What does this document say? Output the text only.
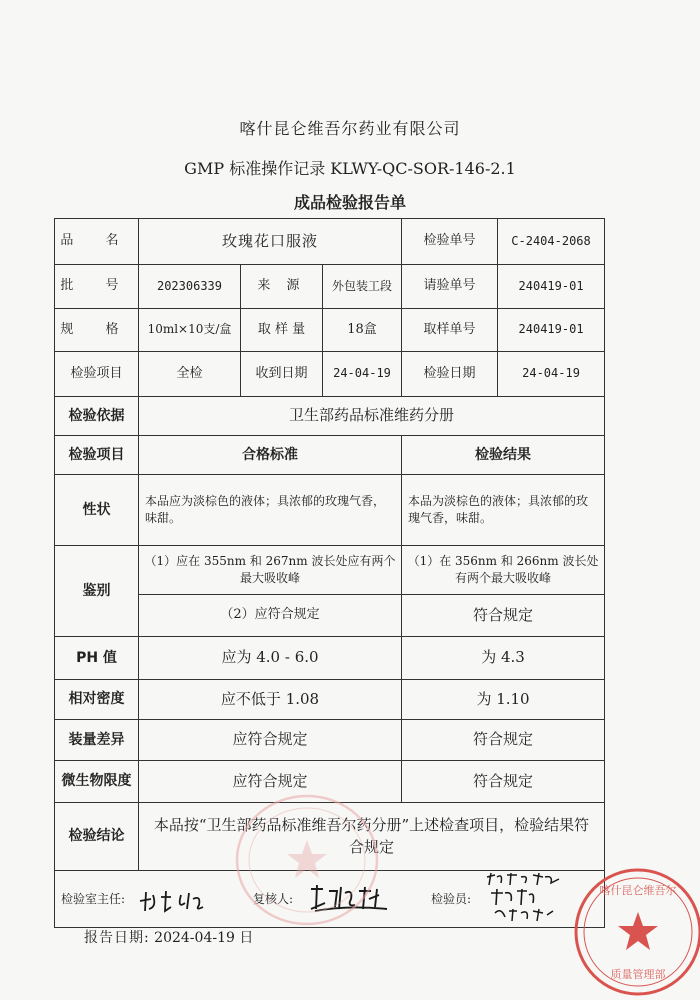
喀什昆仑维吾尔药业有限公司
GMP 标准操作记录 KLWY-QC-SOR-146-2.1
成品检验报告单
品 名	玫瑰花口服液			检验单号	C-2404-2068
批 号	202306339	来 源	外包装工段	请验单号	240419-01
规 格	10ml×10支/盒	取 样 量	18盒	取样单号	240419-01
检验项目	全检	收到日期	24-04-19	检验日期	24-04-19
检验依据	卫生部药品标准维药分册				
检验项目	合格标准			检验结果	
性状	本品应为淡棕色的液体；具浓郁的玫瑰气香，味甜。			本品为淡棕色的液体；具浓郁的玫瑰气香，味甜。	
鉴别	（1）应在 355nm 和 267nm 波长处应有两个最大吸收峰			（1）在 356nm 和 266nm 波长处有两个最大吸收峰	
	（2）应符合规定			符合规定	
PH 值	应为 4.0 - 6.0			为 4.3	
相对密度	应不低于 1.08			为 1.10	
装量差异	应符合规定			符合规定	
微生物限度	应符合规定			符合规定	
检验结论	本品按“卫生部药品标准维吾尔药分册”上述检查项目，检验结果符合规定				

检验室主任: 复核人: 检验员:					
报告日期: 2024-04-19 日
喀什昆仑维吾尔
质量管理部
